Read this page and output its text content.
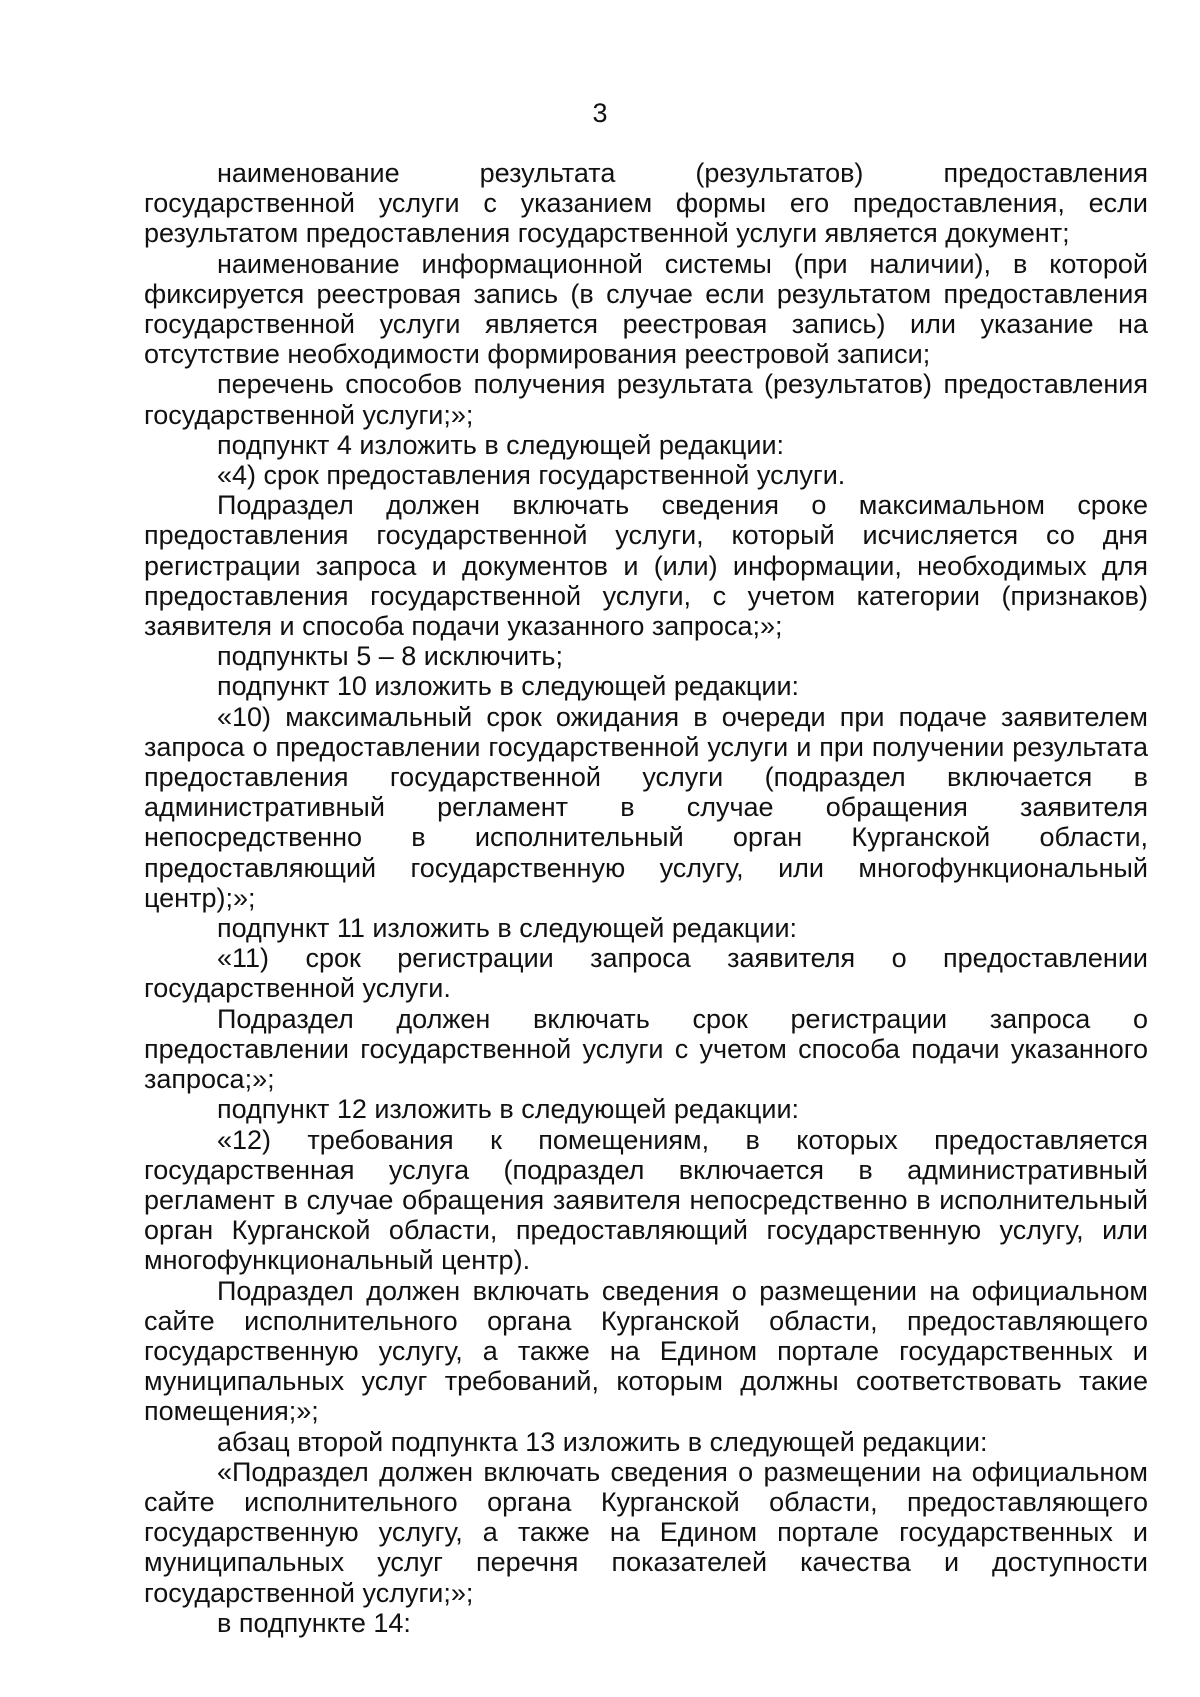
3

наименование результата (результатов) предоставления государственной услуги с указанием формы его предоставления, если результатом предоставления государственной услуги является документ;

наименование информационной системы (при наличии), в которой фиксируется реестровая запись (в случае если результатом предоставления государственной услуги является реестровая запись) или указание на отсутствие необходимости формирования реестровой записи;

перечень способов получения результата (результатов) предоставления государственной услуги;»;

подпункт 4 изложить в следующей редакции:

«4) срок предоставления государственной услуги.

Подраздел должен включать сведения о максимальном сроке предоставления государственной услуги, который исчисляется со дня регистрации запроса и документов и (или) информации, необходимых для предоставления государственной услуги, с учетом категории (признаков) заявителя и способа подачи указанного запроса;»;

подпункты 5 – 8 исключить;

подпункт 10 изложить в следующей редакции:

«10) максимальный срок ожидания в очереди при подаче заявителем запроса о предоставлении государственной услуги и при получении результата предоставления государственной услуги (подраздел включается в административный регламент в случае обращения заявителя непосредственно в исполнительный орган Курганской области, предоставляющий государственную услугу, или многофункциональный центр);»;

подпункт 11 изложить в следующей редакции:

«11) срок регистрации запроса заявителя о предоставлении государственной услуги.

Подраздел должен включать срок регистрации запроса о предоставлении государственной услуги с учетом способа подачи указанного запроса;»;

подпункт 12 изложить в следующей редакции:

«12) требования к помещениям, в которых предоставляется государственная услуга (подраздел включается в административный регламент в случае обращения заявителя непосредственно в исполнительный орган Курганской области, предоставляющий государственную услугу, или многофункциональный центр).

Подраздел должен включать сведения о размещении на официальном сайте исполнительного органа Курганской области, предоставляющего государственную услугу, а также на Едином портале государственных и муниципальных услуг требований, которым должны соответствовать такие помещения;»;

абзац второй подпункта 13 изложить в следующей редакции:

«Подраздел должен включать сведения о размещении на официальном сайте исполнительного органа Курганской области, предоставляющего государственную услугу, а также на Едином портале государственных и муниципальных услуг перечня показателей качества и доступности государственной услуги;»;

в подпункте 14:
